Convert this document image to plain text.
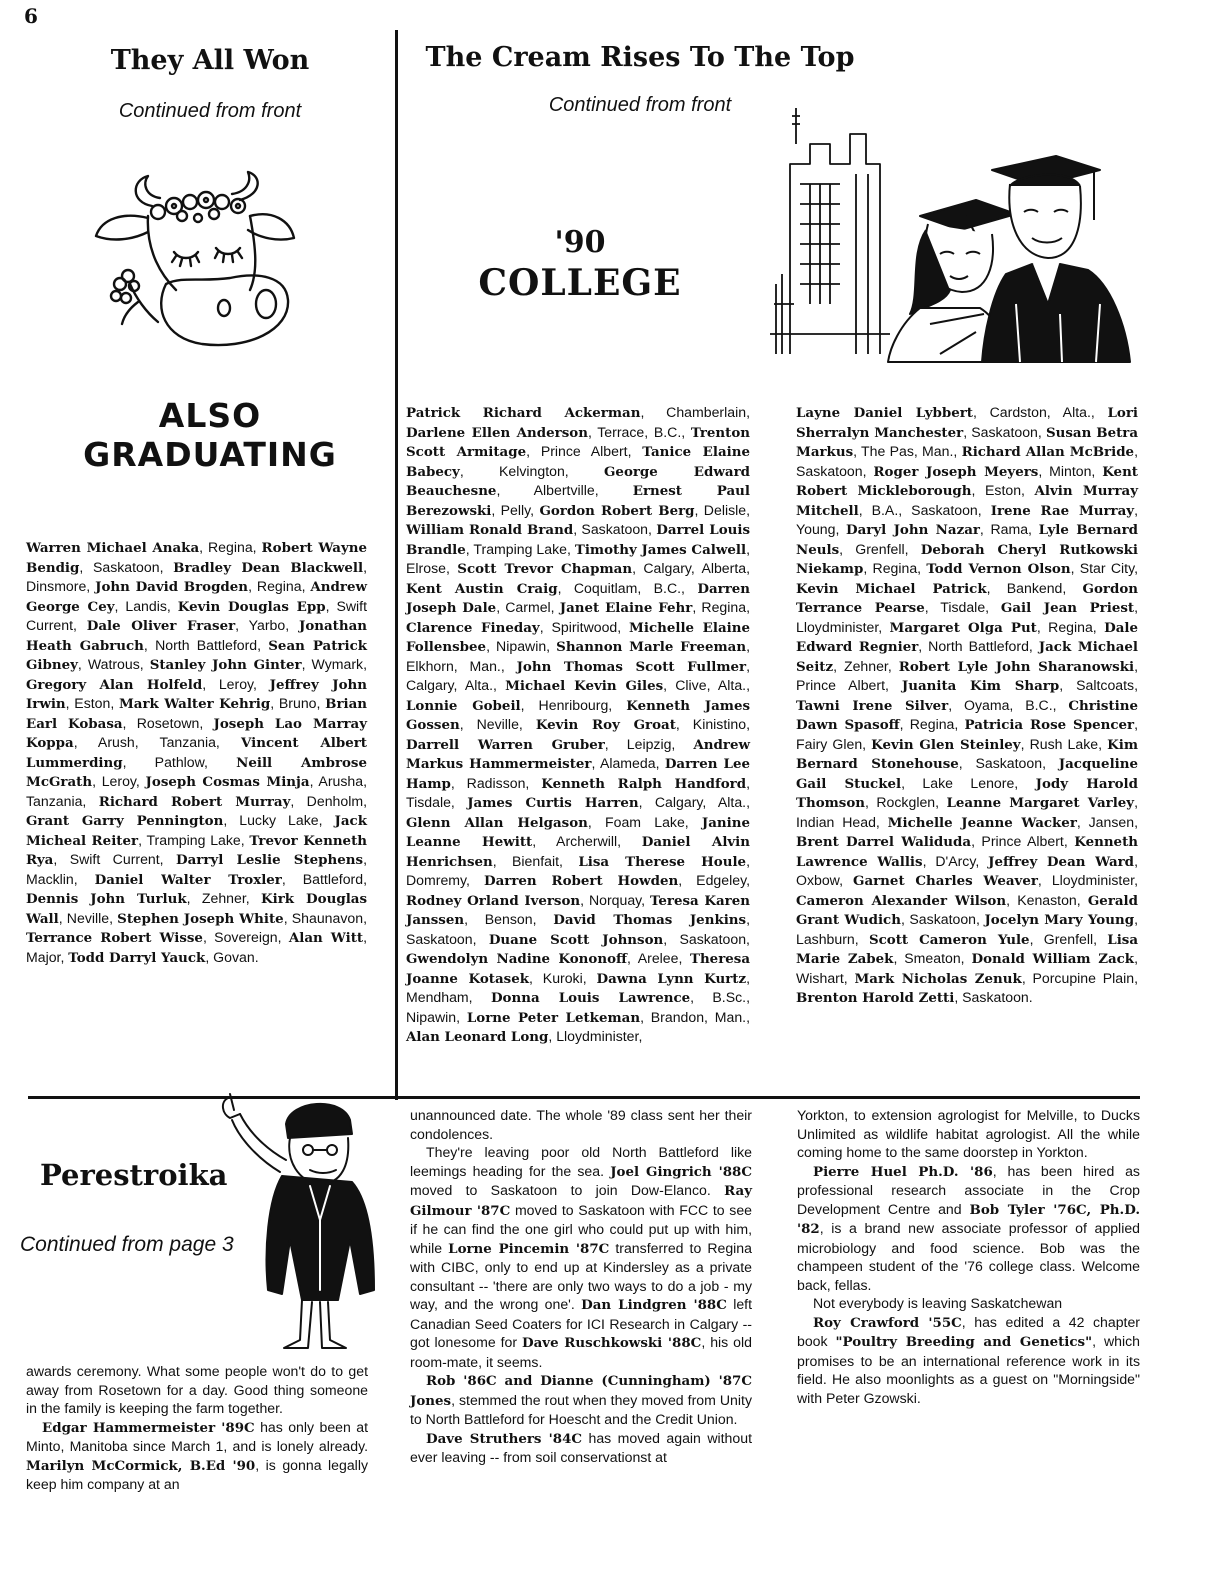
6
They All Won
Continued from front
ALSO
GRADUATING
Warren Michael Anaka, Regina, Robert Wayne Bendig, Saskatoon, Bradley Dean Blackwell, Dinsmore, John David Brogden, Regina, Andrew George Cey, Landis, Kevin Douglas Epp, Swift Current, Dale Oliver Fraser, Yarbo, Jonathan Heath Gabruch, North Battleford, Sean Patrick Gibney, Watrous, Stanley John Ginter, Wymark, Gregory Alan Holfeld, Leroy, Jeffrey John Irwin, Eston, Mark Walter Kehrig, Bruno, Brian Earl Kobasa, Rosetown, Joseph Lao Marray Koppa, Arush, Tanzania, Vincent Albert Lummerding, Pathlow, Neill Ambrose McGrath, Leroy, Joseph Cosmas Minja, Arusha, Tanzania, Richard Robert Murray, Denholm, Grant Garry Pennington, Lucky Lake, Jack Micheal Reiter, Tramping Lake, Trevor Kenneth Rya, Swift Current, Darryl Leslie Stephens, Macklin, Daniel Walter Troxler, Battleford, Dennis John Turluk, Zehner, Kirk Douglas Wall, Neville, Stephen Joseph White, Shaunavon, Terrance Robert Wisse, Sovereign, Alan Witt, Major, Todd Darryl Yauck, Govan.
The Cream Rises To The Top
Continued from front
'90
COLLEGE
Patrick Richard Ackerman, Chamberlain, Darlene Ellen Anderson, Terrace, B.C., Trenton Scott Armitage, Prince Albert, Tanice Elaine Babecy, Kelvington, George Edward Beauchesne, Albertville, Ernest Paul Berezowski, Pelly, Gordon Robert Berg, Delisle, William Ronald Brand, Saskatoon, Darrel Louis Brandle, Tramping Lake, Timothy James Calwell, Elrose, Scott Trevor Chapman, Calgary, Alberta, Kent Austin Craig, Coquitlam, B.C., Darren Joseph Dale, Carmel, Janet Elaine Fehr, Regina, Clarence Fineday, Spiritwood, Michelle Elaine Follensbee, Nipawin, Shannon Marle Freeman, Elkhorn, Man., John Thomas Scott Fullmer, Calgary, Alta., Michael Kevin Giles, Clive, Alta., Lonnie Gobeil, Henribourg, Kenneth James Gossen, Neville, Kevin Roy Groat, Kinistino, Darrell Warren Gruber, Leipzig, Andrew Markus Hammermeister, Alameda, Darren Lee Hamp, Radisson, Kenneth Ralph Handford, Tisdale, James Curtis Harren, Calgary, Alta., Glenn Allan Helgason, Foam Lake, Janine Leanne Hewitt, Archerwill, Daniel Alvin Henrichsen, Bienfait, Lisa Therese Houle, Domremy, Darren Robert Howden, Edgeley, Rodney Orland Iverson, Norquay, Teresa Karen Janssen, Benson, David Thomas Jenkins, Saskatoon, Duane Scott Johnson, Saskatoon, Gwendolyn Nadine Kononoff, Arelee, Theresa Joanne Kotasek, Kuroki, Dawna Lynn Kurtz, Mendham, Donna Louis Lawrence, B.Sc., Nipawin, Lorne Peter Letkeman, Brandon, Man., Alan Leonard Long, Lloydminister,
Layne Daniel Lybbert, Cardston, Alta., Lori Sherralyn Manchester, Saskatoon, Susan Betra Markus, The Pas, Man., Richard Allan McBride, Saskatoon, Roger Joseph Meyers, Minton, Kent Robert Mickleborough, Eston, Alvin Murray Mitchell, B.A., Saskatoon, Irene Rae Murray, Young, Daryl John Nazar, Rama, Lyle Bernard Neuls, Grenfell, Deborah Cheryl Rutkowski Niekamp, Regina, Todd Vernon Olson, Star City, Kevin Michael Patrick, Bankend, Gordon Terrance Pearse, Tisdale, Gail Jean Priest, Lloydminister, Margaret Olga Put, Regina, Dale Edward Regnier, North Battleford, Jack Michael Seitz, Zehner, Robert Lyle John Sharanowski, Prince Albert, Juanita Kim Sharp, Saltcoats, Tawni Irene Silver, Oyama, B.C., Christine Dawn Spasoff, Regina, Patricia Rose Spencer, Fairy Glen, Kevin Glen Steinley, Rush Lake, Kim Bernard Stonehouse, Saskatoon, Jacqueline Gail Stuckel, Lake Lenore, Jody Harold Thomson, Rockglen, Leanne Margaret Varley, Indian Head, Michelle Jeanne Wacker, Jansen, Brent Darrel Waliduda, Prince Albert, Kenneth Lawrence Wallis, D'Arcy, Jeffrey Dean Ward, Oxbow, Garnet Charles Weaver, Lloydminister, Cameron Alexander Wilson, Kenaston, Gerald Grant Wudich, Saskatoon, Jocelyn Mary Young, Lashburn, Scott Cameron Yule, Grenfell, Lisa Marie Zabek, Smeaton, Donald William Zack, Wishart, Mark Nicholas Zenuk, Porcupine Plain, Brenton Harold Zetti, Saskatoon.
Perestroika
Continued from page 3

awards ceremony. What some people won't do to get away from Rosetown for a day. Good thing someone in the family is keeping the farm together.

Edgar Hammermeister '89C has only been at Minto, Manitoba since March 1, and is lonely already. Marilyn McCormick, B.Ed '90, is gonna legally keep him company at an

unannounced date. The whole '89 class sent her their condolences.

They're leaving poor old North Battleford like leemings heading for the sea. Joel Gingrich '88C moved to Saskatoon to join Dow-Elanco. Ray Gilmour '87C moved to Saskatoon with FCC to see if he can find the one girl who could put up with him, while Lorne Pincemin '87C transferred to Regina with CIBC, only to end up at Kindersley as a private consultant -- 'there are only two ways to do a job - my way, and the wrong one'. Dan Lindgren '88C left Canadian Seed Coaters for ICI Research in Calgary -- got lonesome for Dave Ruschkowski '88C, his old room-mate, it seems.

Rob '86C and Dianne (Cunningham) '87C Jones, stemmed the rout when they moved from Unity to North Battleford for Hoescht and the Credit Union.

Dave Struthers '84C has moved again without ever leaving -- from soil conservationst at

Yorkton, to extension agrologist for Melville, to Ducks Unlimited as wildlife habitat agrologist. All the while coming home to the same doorstep in Yorkton.

Pierre Huel Ph.D. '86, has been hired as professional research associate in the Crop Development Centre and Bob Tyler '76C, Ph.D. '82, is a brand new associate professor of applied microbiology and food science. Bob was the champeen student of the '76 college class. Welcome back, fellas.

Not everybody is leaving Saskatchewan

Roy Crawford '55C, has edited a 42 chapter book "Poultry Breeding and Genetics", which promises to be an international reference work in its field. He also moonlights as a guest on "Morningside" with Peter Gzowski.
